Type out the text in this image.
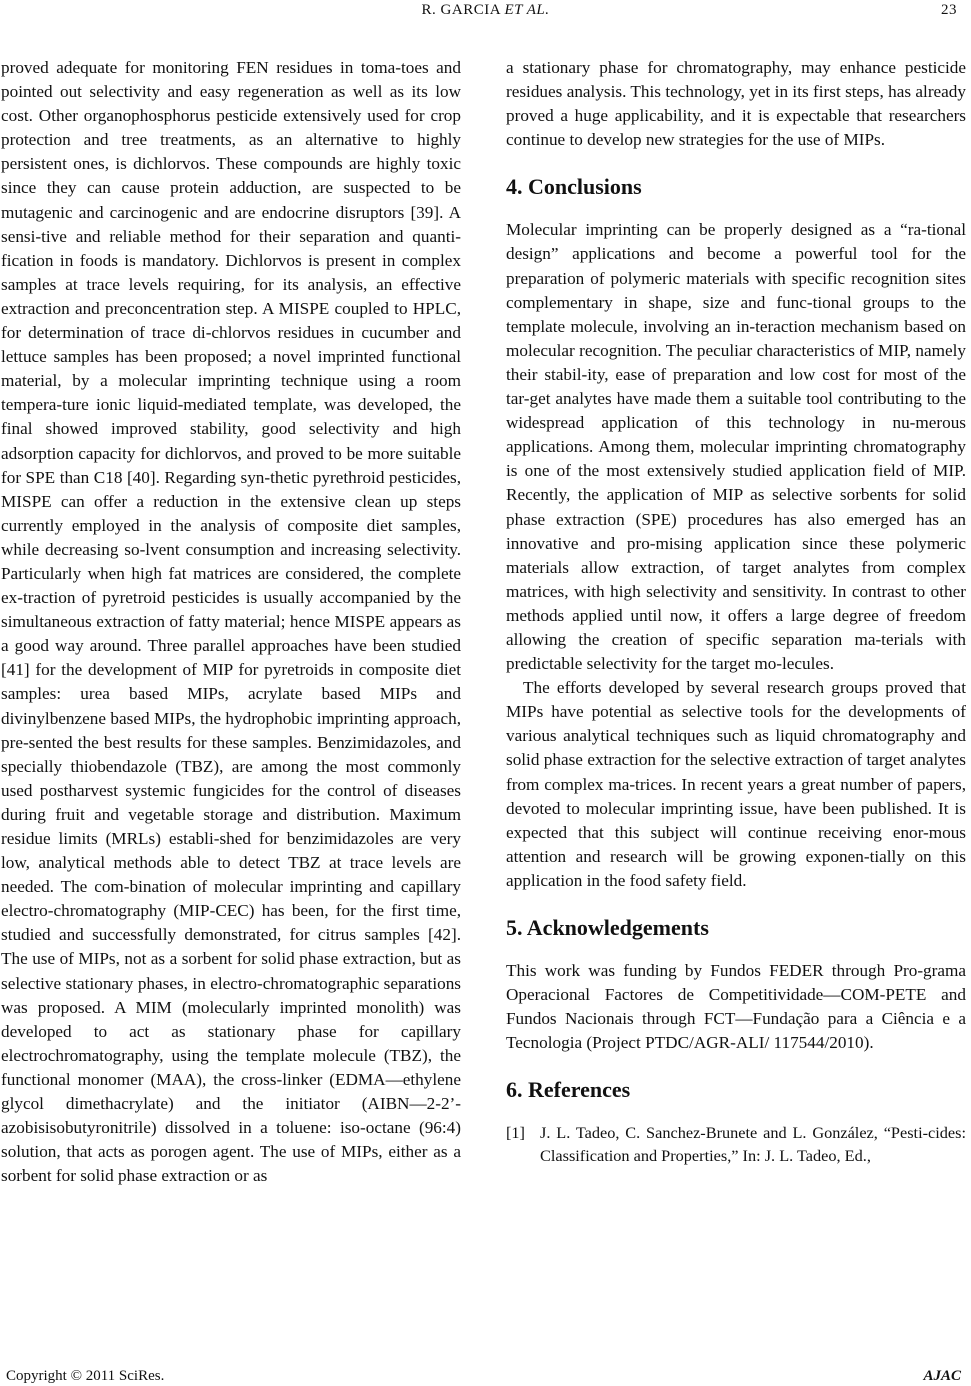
R. GARCIA ET AL.	23

proved adequate for monitoring FEN residues in toma-toes and pointed out selectivity and easy regeneration as well as its low cost. Other organophosphorus pesticide extensively used for crop protection and tree treatments, as an alternative to highly persistent ones, is dichlorvos. These compounds are highly toxic since they can cause protein adduction, are suspected to be mutagenic and carcinogenic and are endocrine disruptors [39]. A sensi-tive and reliable method for their separation and quanti-fication in foods is mandatory. Dichlorvos is present in complex samples at trace levels requiring, for its analysis, an effective extraction and preconcentration step. A MISPE coupled to HPLC, for determination of trace di-chlorvos residues in cucumber and lettuce samples has been proposed; a novel imprinted functional material, by a molecular imprinting technique using a room tempera-ture ionic liquid-mediated template, was developed, the final showed improved stability, good selectivity and high adsorption capacity for dichlorvos, and proved to be more suitable for SPE than C18 [40]. Regarding syn-thetic pyrethroid pesticides, MISPE can offer a reduction in the extensive clean up steps currently employed in the analysis of composite diet samples, while decreasing so-lvent consumption and increasing selectivity. Particularly when high fat matrices are considered, the complete ex-traction of pyretroid pesticides is usually accompanied by the simultaneous extraction of fatty material; hence MISPE appears as a good way around. Three parallel approaches have been studied [41] for the development of MIP for pyretroids in composite diet samples: urea based MIPs, acrylate based MIPs and divinylbenzene based MIPs, the hydrophobic imprinting approach, pre-sented the best results for these samples. Benzimidazoles, and specially thiobendazole (TBZ), are among the most commonly used postharvest systemic fungicides for the control of diseases during fruit and vegetable storage and distribution. Maximum residue limits (MRLs) establi-shed for benzimidazoles are very low, analytical methods able to detect TBZ at trace levels are needed. The com-bination of molecular imprinting and capillary electro-chromatography (MIP-CEC) has been, for the first time, studied and successfully demonstrated, for citrus samples [42]. The use of MIPs, not as a sorbent for solid phase extraction, but as selective stationary phases, in electro-chromatographic separations was proposed. A MIM (molecularly imprinted monolith) was developed to act as stationary phase for capillary electrochromatography, using the template molecule (TBZ), the functional monomer (MAA), the cross-linker (EDMA—ethylene glycol dimethacrylate) and the initiator (AIBN—2-2’-azobisisobutyronitrile) dissolved in a toluene: iso-octane (96:4) solution, that acts as porogen agent. The use of MIPs, either as a sorbent for solid phase extraction or as

a stationary phase for chromatography, may enhance pesticide residues analysis. This technology, yet in its first steps, has already proved a huge applicability, and it is expectable that researchers continue to develop new strategies for the use of MIPs.

4. Conclusions

Molecular imprinting can be properly designed as a “ra-tional design” applications and become a powerful tool for the preparation of polymeric materials with specific recognition sites complementary in shape, size and func-tional groups to the template molecule, involving an in-teraction mechanism based on molecular recognition. The peculiar characteristics of MIP, namely their stabil-ity, ease of preparation and low cost for most of the tar-get analytes have made them a suitable tool contributing to the widespread application of this technology in nu-merous applications. Among them, molecular imprinting chromatography is one of the most extensively studied application field of MIP. Recently, the application of MIP as selective sorbents for solid phase extraction (SPE) procedures has also emerged has an innovative and pro-mising application since these polymeric materials allow extraction, of target analytes from complex matrices, with high selectivity and sensitivity. In contrast to other methods applied until now, it offers a large degree of freedom allowing the creation of specific separation ma-terials with predictable selectivity for the target mo-lecules.

The efforts developed by several research groups proved that MIPs have potential as selective tools for the developments of various analytical techniques such as liquid chromatography and solid phase extraction for the selective extraction of target analytes from complex ma-trices. In recent years a great number of papers, devoted to molecular imprinting issue, have been published. It is expected that this subject will continue receiving enor-mous attention and research will be growing exponen-tially on this application in the food safety field.

5. Acknowledgements

This work was funding by Fundos FEDER through Pro-grama Operacional Factores de Competitividade—COM-PETE and Fundos Nacionais through FCT—Fundação para a Ciência e a Tecnologia (Project PTDC/AGR-ALI/ 117544/2010).

6. References
[1] J. L. Tadeo, C. Sanchez-Brunete and L. González, “Pesti-cides: Classification and Properties,” In: J. L. Tadeo, Ed.,
Copyright © 2011 SciRes.	AJAC
